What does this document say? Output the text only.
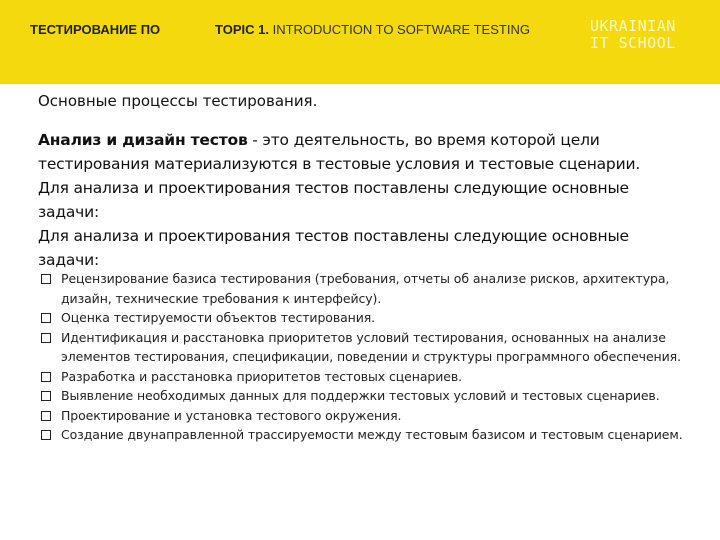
ТЕСТИРОВАНИЕ ПО	TOPIC 1. INTRODUCTION TO SOFTWARE TESTING	UKRAINIAN
IT SCHOOL
Основные процессы тестирования.

Анализ и дизайн тестов - это деятельность, во время которой цели тестирования материализуются в тестовые условия и тестовые сценарии.

Для анализа и проектирования тестов поставлены следующие основные задачи:

Для анализа и проектирования тестов поставлены следующие основные задачи:

Рецензирование базиса тестирования (требования, отчеты об анализе рисков, архитектура, дизайн, технические требования к интерфейсу).
Оценка тестируемости объектов тестирования.
Идентификация и расстановка приоритетов условий тестирования, основанных на анализе элементов тестирования, спецификации, поведении и структуры программного обеспечения.
Разработка и расстановка приоритетов тестовых сценариев.
Выявление необходимых данных для поддержки тестовых условий и тестовых сценариев.
Проектирование и установка тестового окружения.
Создание двунаправленной трассируемости между тестовым базисом и тестовым сценарием.
